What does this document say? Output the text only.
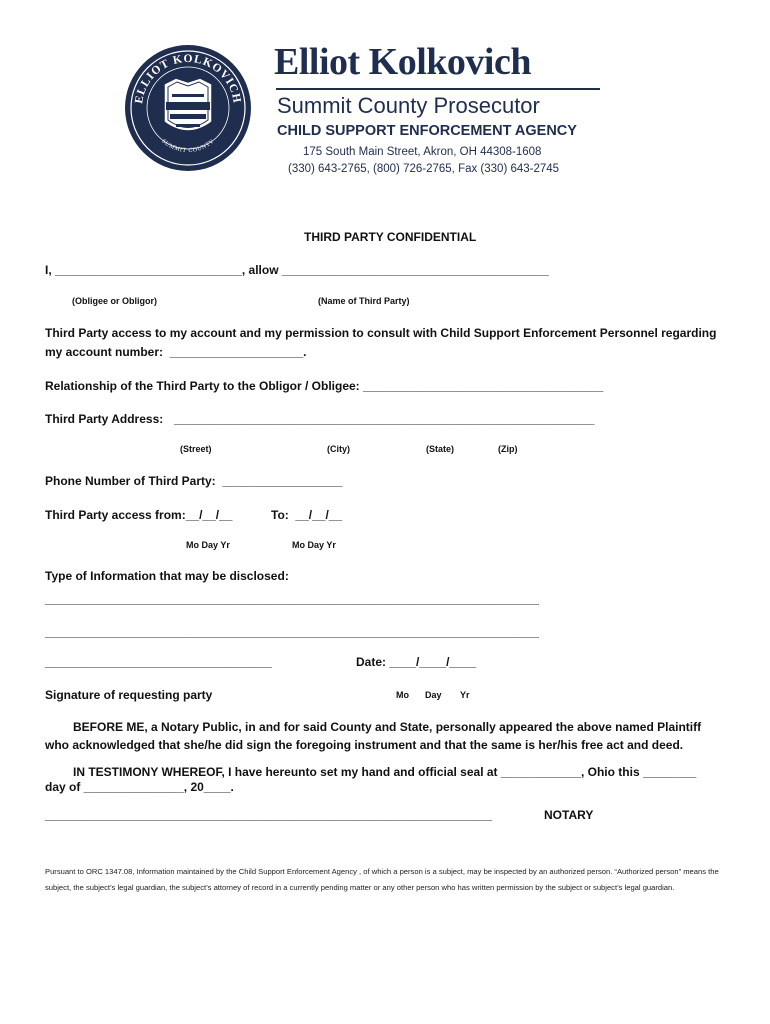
ELLIOT KOLKOVICH
SUMMIT COUNTY
Elliot Kolkovich
Summit County Prosecutor
CHILD SUPPORT ENFORCEMENT AGENCY
175 South Main Street, Akron, OH 44308-1608
(330) 643-2765, (800) 726-2765, Fax (330) 643-2745
THIRD PARTY CONFIDENTIAL
I, ____________________________, allow ________________________________________
(Obligee or Obligor)	(Name of Third Party)
Third Party access to my account and my permission to consult with Child Support Enforcement Personnel regarding
my account number:  ____________________.
Relationship of the Third Party to the Obligor / Obligee: ____________________________________
Third Party Address: _______________________________________________________________
(Street)	(City)	(State)	(Zip)
Phone Number of Third Party:  __________________
Third Party access from:__/__/__	To:  __/__/__
Mo Day Yr	Mo Day Yr
Type of Information that may be disclosed:
__________________________________________________________________________
__________________________________________________________________________
__________________________________	Date: ____/____/____
Signature of requesting party	Mo Day Yr
BEFORE ME, a Notary Public, in and for said County and State, personally appeared the above named Plaintiff who acknowledged that she/he did sign the foregoing instrument and that the same is her/his free act and deed.
IN TESTIMONY WHEREOF, I have hereunto set my hand and official seal at ____________, Ohio this ________
day of _______________, 20____.
___________________________________________________________________	NOTARY
Pursuant to ORC 1347.08, Information maintained by the Child Support Enforcement Agency , of which a person is a subject, may be inspected by an authorized person. “Authorized person” means the subject, the subject’s legal guardian, the subject’s attorney of record in a currently pending matter or any other person who has written permission by the subject or subject’s legal guardian.
